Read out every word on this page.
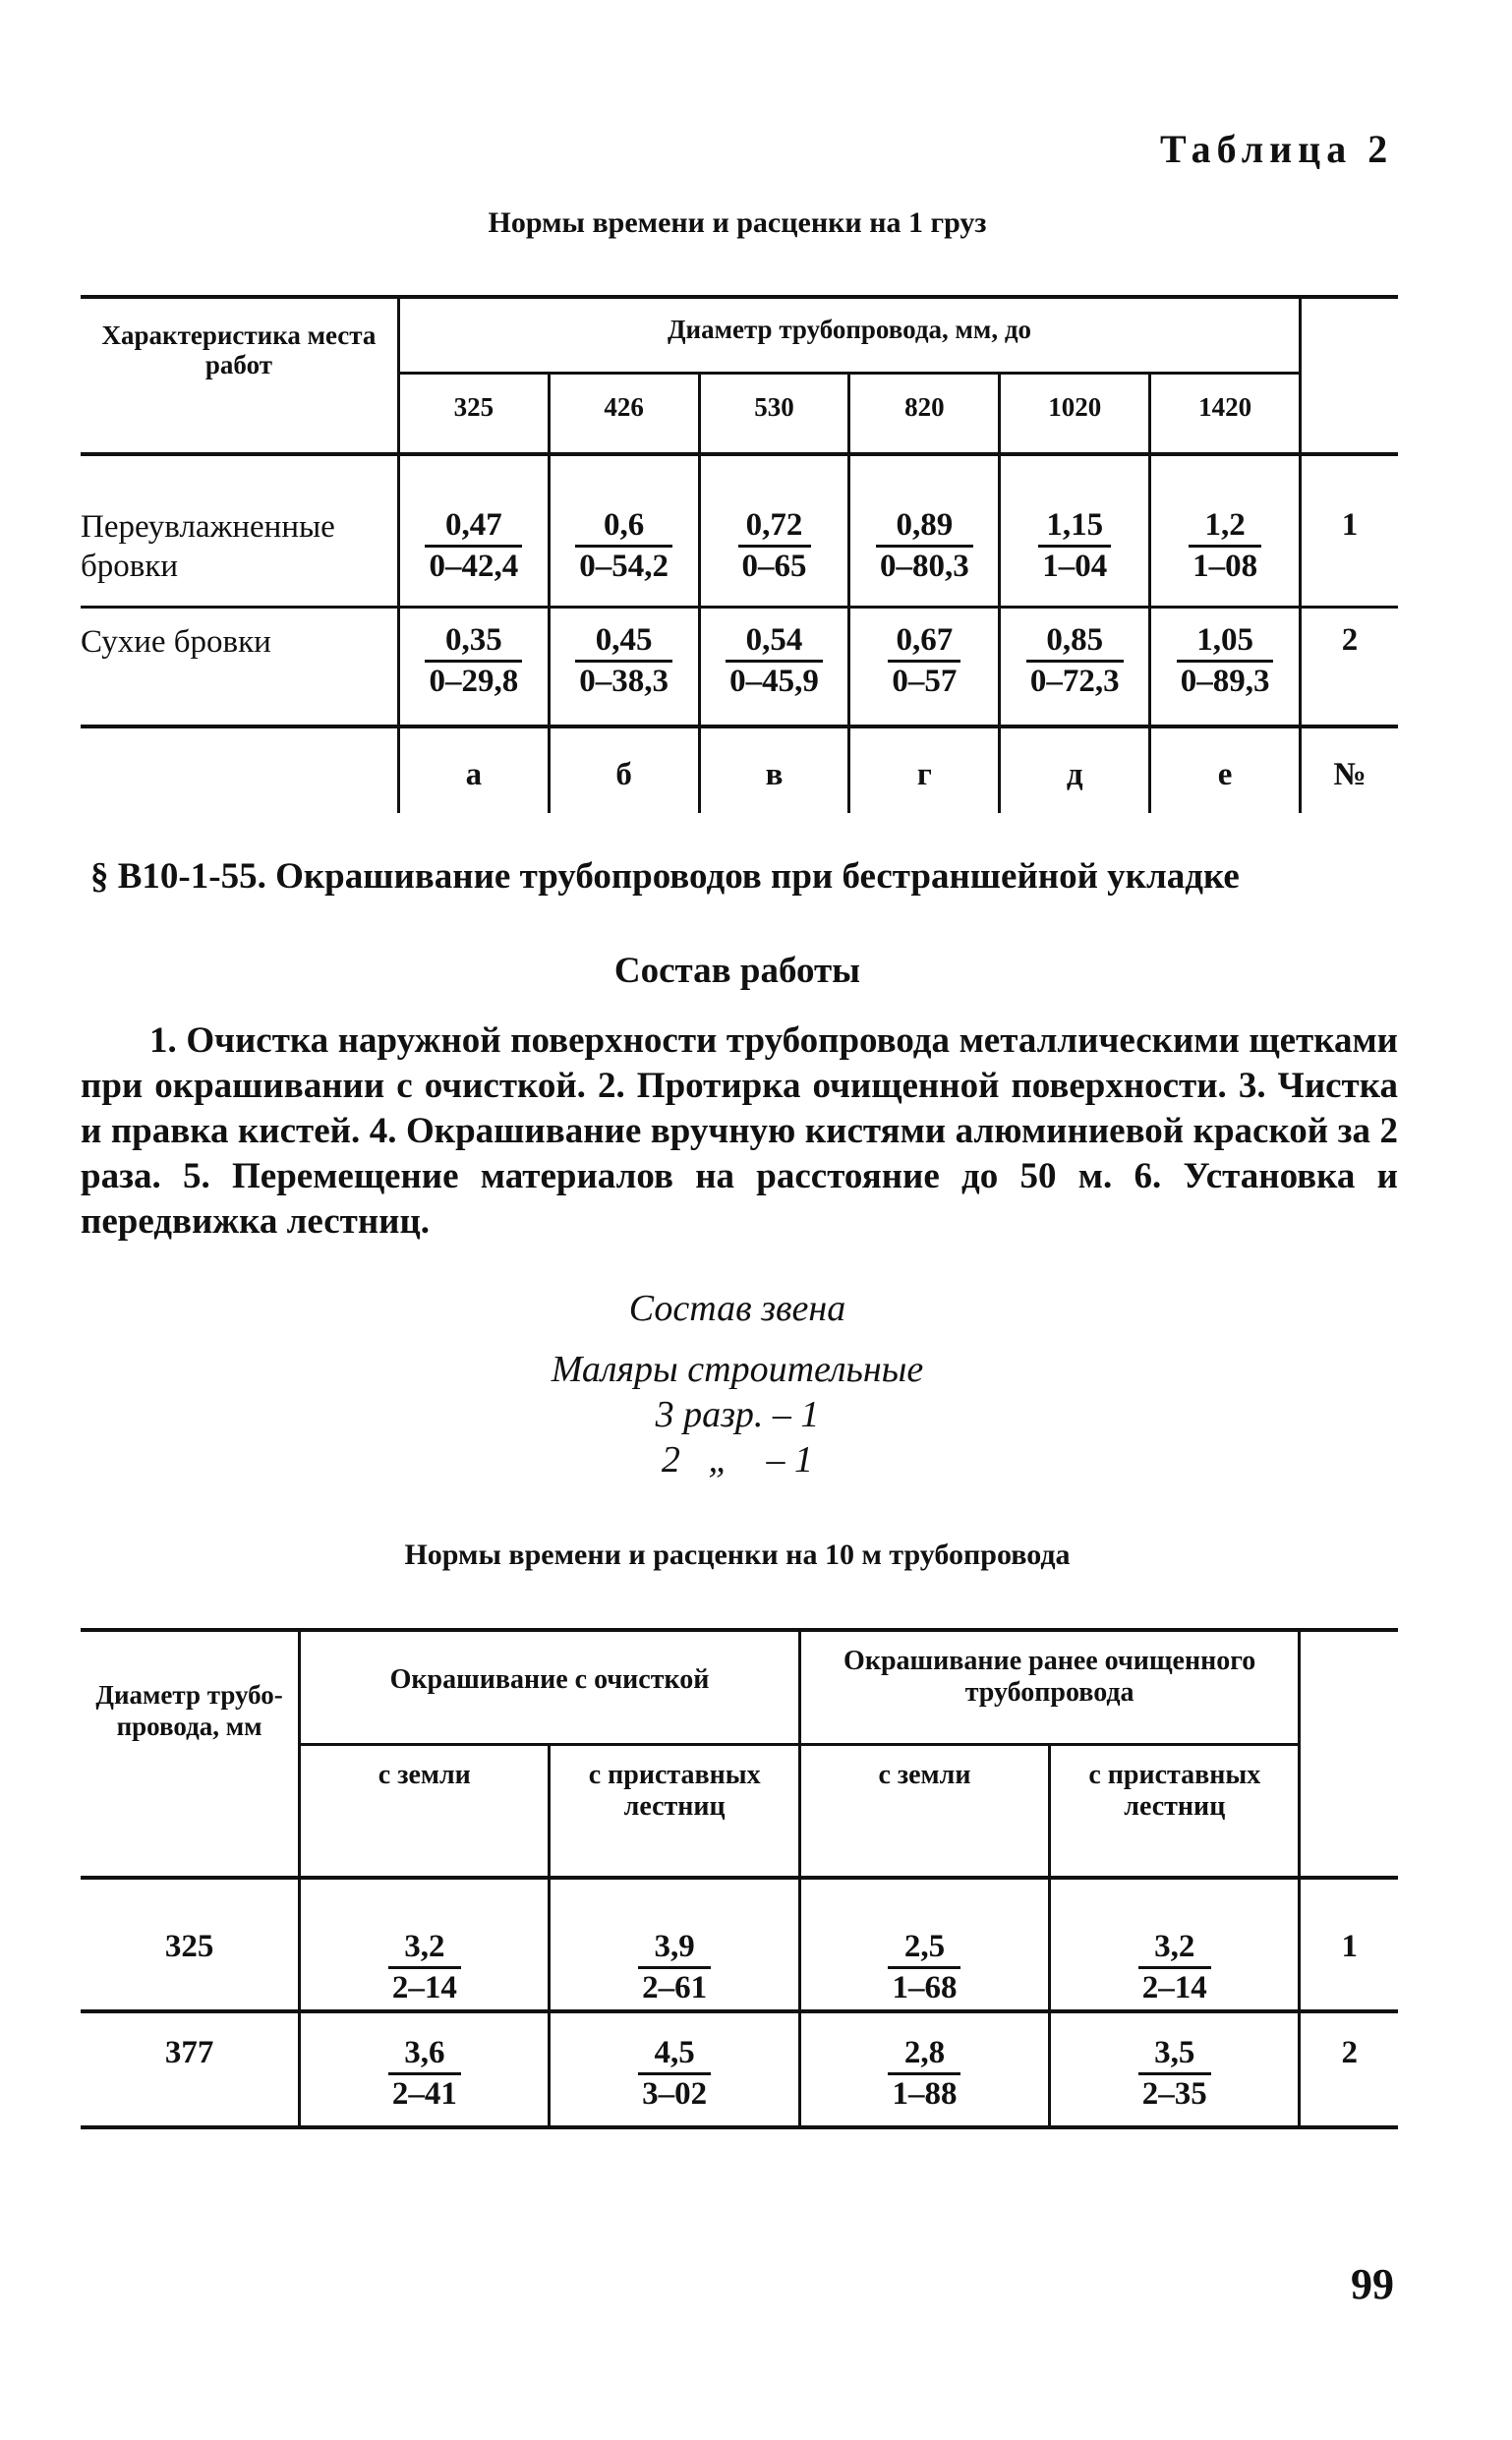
Таблица 2
Нормы времени и расценки на 1 груз
Характеристика места работ	Диаметр трубопровода, мм, до						
	325	426	530	820	1020	1420	
Переувлажненные бровки	$\frac{0,47}{0-42,4}$	$\frac{0,6}{0-54,2}$	$\frac{0,72}{0-65}$	$\frac{0,89}{0-80,3}$	$\frac{1,15}{1-04}$	$\frac{1,2}{1-08}$	1
Сухие бровки	$\frac{0,35}{0-29,8}$	$\frac{0,45}{0-38,3}$	$\frac{0,54}{0-45,9}$	$\frac{0,67}{0-57}$	$\frac{0,85}{0-72,3}$	$\frac{1,05}{0-89,3}$	2
	а	б	в	г	д	е	№
§ В10-1-55. Окрашивание трубопроводов при бестраншейной укладке
Состав работы
1. Очистка наружной поверхности трубопровода металлическими щетками при окрашивании с очисткой. 2. Протирка очищенной поверхности. 3. Чистка и правка кистей. 4. Окрашивание вручную кистями алюминиевой краской за 2 раза. 5. Перемещение материалов на расстояние до 50 м. 6. Установка и передвижка лестниц.
Состав звена
Маляры строительные
3 разр. – 1
2   „    – 1
Нормы времени и расценки на 10 м трубопровода
Диаметр трубо-провода, мм	Окрашивание с очисткой		Окрашивание ранее очищенного трубопровода		
	с земли	с приставных лестниц	с земли	с приставных лестниц	
325	$\frac{3,2}{2-14}$	$\frac{3,9}{2-61}$	$\frac{2,5}{1-68}$	$\frac{3,2}{2-14}$	1
377	$\frac{3,6}{2-41}$	$\frac{4,5}{3-02}$	$\frac{2,8}{1-88}$	$\frac{3,5}{2-35}$	2
99
